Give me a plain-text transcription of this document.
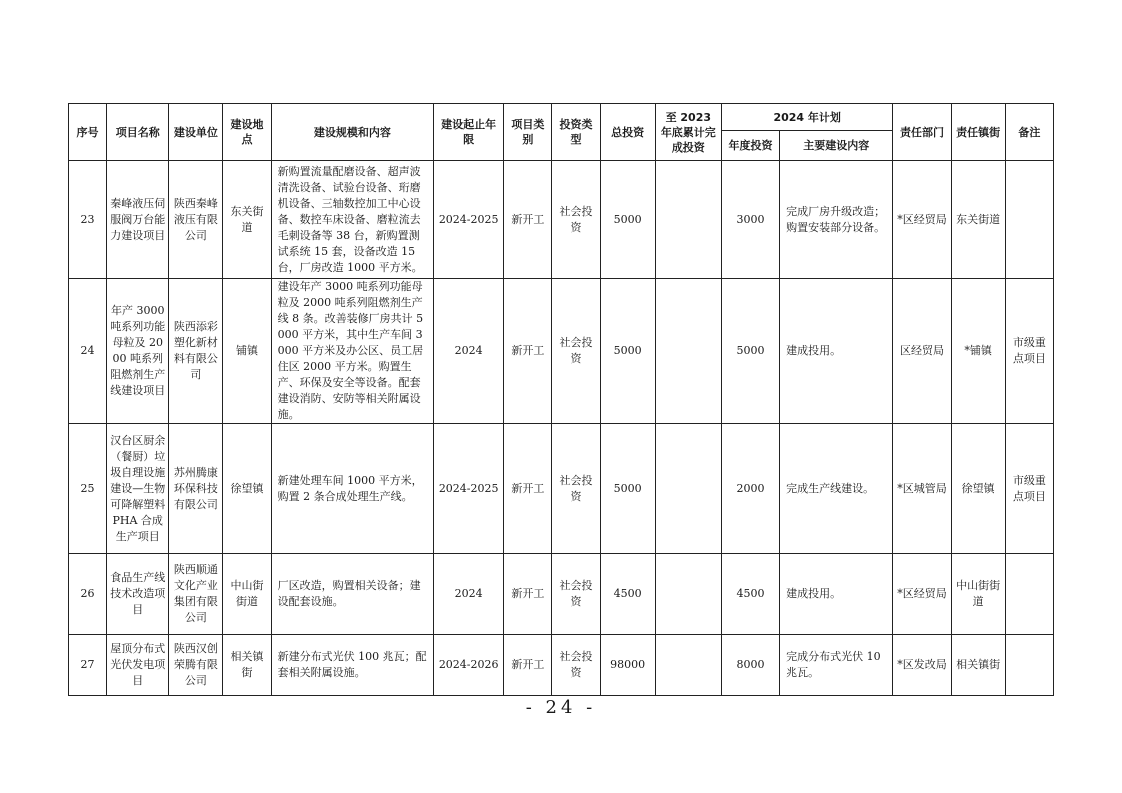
序号	项目名称	建设单位	建设地点	建设规模和内容	建设起止年限	项目类别	投资类型	总投资	至 2023 年底累计完成投资	2024 年计划		责任部门	责任镇街	备注
										年度投资	主要建设内容			
23	秦峰液压伺服阀万台能力建设项目	陕西秦峰液压有限公司	东关街道	新购置流量配磨设备、超声波清洗设备、试验台设备、珩磨机设备、三轴数控加工中心设备、数控车床设备、磨粒流去毛刺设备等 38 台，新购置测试系统 15 套，设备改造 15 台，厂房改造 1000 平方米。	2024-2025	新开工	社会投资	5000		3000	完成厂房升级改造；购置安装部分设备。	*区经贸局	东关街道	
24	年产 3000 吨系列功能母粒及 2000 吨系列阻燃剂生产线建设项目	陕西添彩塑化新材料有限公司	铺镇	建设年产 3000 吨系列功能母粒及 2000 吨系列阻燃剂生产线 8 条。改善装修厂房共计 5000 平方米，其中生产车间 3000 平方米及办公区、员工居住区 2000 平方米。购置生产、环保及安全等设备。配套建设消防、安防等相关附属设施。	2024	新开工	社会投资	5000		5000	建成投用。	区经贸局	*铺镇	市级重点项目
25	汉台区厨余（餐厨）垃圾自理设施建设—生物可降解塑料 PHA 合成生产项目	苏州腾康环保科技有限公司	徐望镇	新建处理车间 1000 平方米，购置 2 条合成处理生产线。	2024-2025	新开工	社会投资	5000		2000	完成生产线建设。	*区城管局	徐望镇	市级重点项目
26	食品生产线技术改造项目	陕西顺通文化产业集团有限公司	中山街街道	厂区改造，购置相关设备；建设配套设施。	2024	新开工	社会投资	4500		4500	建成投用。	*区经贸局	中山街街道	
27	屋顶分布式光伏发电项目	陕西汉创荣腾有限公司	相关镇街	新建分布式光伏 100 兆瓦；配套相关附属设施。	2024-2026	新开工	社会投资	98000		8000	完成分布式光伏 10 兆瓦。	*区发改局	相关镇街	
- 24 -
